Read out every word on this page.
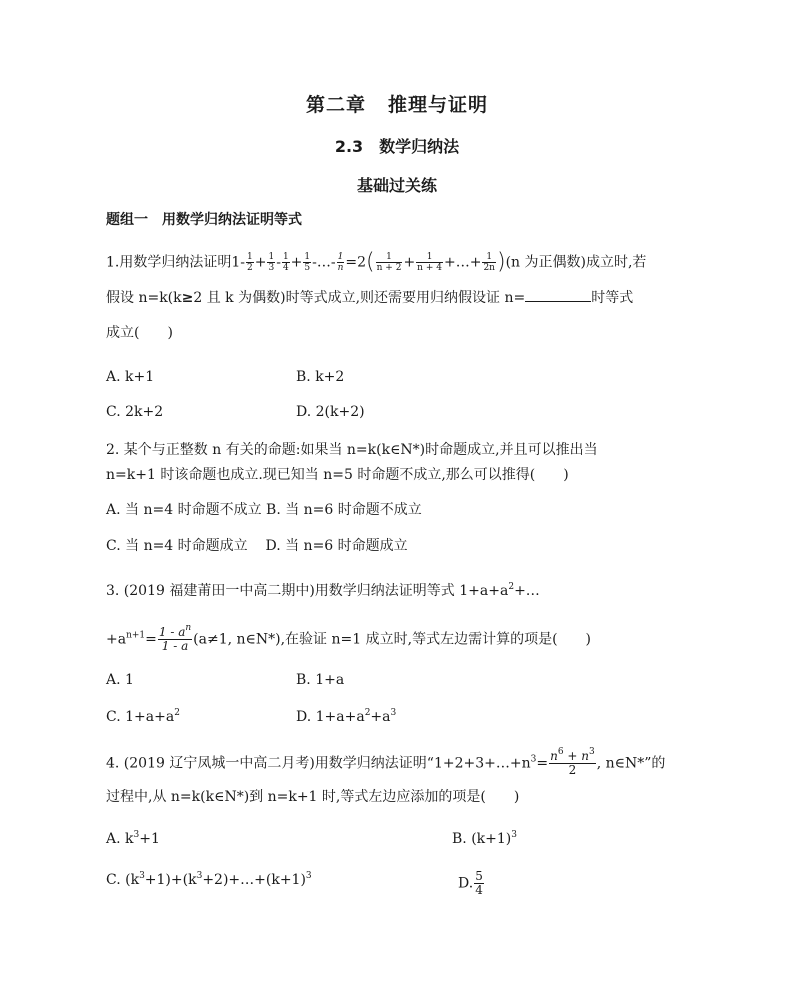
第二章 推理与证明
2.3 数学归纳法
基础过关练
题组一 用数学归纳法证明等式
1.用数学归纳法证明$1- \frac{1}{2} + \frac{1}{3} - \frac{1}{4} + \frac{1}{5}$ -…- $\frac{1}{n} =2( \frac{1}{n + 2} + \frac{1}{n + 4}$ +…+ $\frac{1}{2n} )(n$ 为正偶数)成立时,若
假设 n=k(k≥2 且 k 为偶数)时等式成立,则还需要用归纳假设证 n=	时等式
成立(　　)
A. k+1	B. k+2
C. 2k+2	D. 2(k+2)
2. 某个与正整数 n 有关的命题:如果当 n=k(k∈N*)时命题成立,并且可以推出当
n=k+1 时该命题也成立.现已知当 n=5 时命题不成立,那么可以推得(　　)
A. 当 n=4 时命题不成立 B. 当 n=6 时命题不成立
C. 当 n=4 时命题成立 D. 当 n=6 时命题成立
3. (2019 福建莆田一中高二期中)用数学归纳法证明等式 $1+a+a^2+\dots$
$+a^{n+1}= \frac{1 - a^n}{1 - a} (a\ne 1$, n∈N*),在验证 n=1 成立时,等式左边需计算的项是(　　)
A. 1	B. 1+a
C. $1+a+a^2$	D. $1+a+a^2+a^3$
4. (2019 辽宁凤城一中高二月考)用数学归纳法证明“$1+2+3+\dots+n^3= \frac{n^6 + n^3}{2}$ , n∈N*”的
过程中,从 n=k(k∈N*)到 n=k+1 时,等式左边应添加的项是(　　)
A. $k^3+1$	B. $(k+1)^3$
C. $(k^3+1)+(k^3+2)+\dots+(k+1)^3$	D. $\frac{5}{4}$
